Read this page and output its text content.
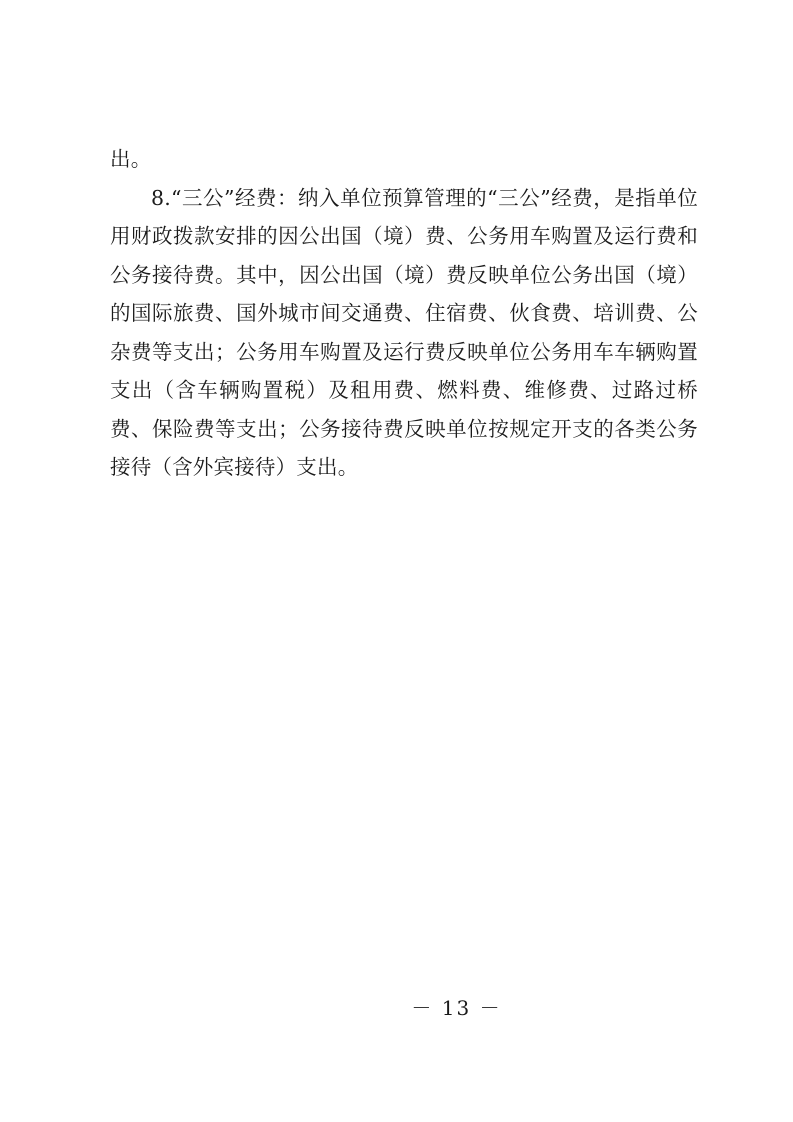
出。

8.“三公”经费：纳入单位预算管理的“三公”经费，是指单位用财政拨款安排的因公出国（境）费、公务用车购置及运行费和公务接待费。其中，因公出国（境）费反映单位公务出国（境）的国际旅费、国外城市间交通费、住宿费、伙食费、培训费、公杂费等支出；公务用车购置及运行费反映单位公务用车车辆购置支出（含车辆购置税）及租用费、燃料费、维修费、过路过桥费、保险费等支出；公务接待费反映单位按规定开支的各类公务接待（含外宾接待）支出。

－ 13 －
